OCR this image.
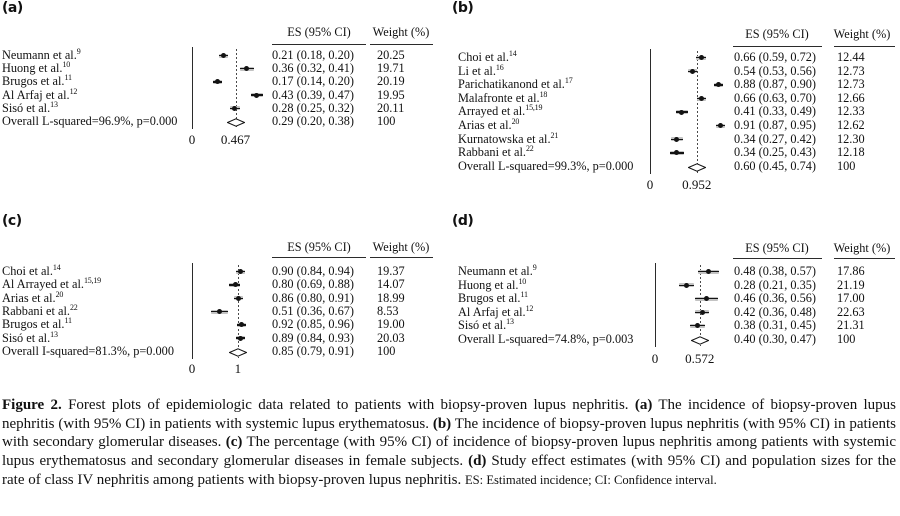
(a)
ES (95% CI)	Weight (%)
Neumann et al.$^9$	0.21 (0.18, 0.20) 20.25
Huong et al.$^{10}$	0.36 (0.32, 0.41) 19.71
Brugos et al.$^{11}$	0.17 (0.14, 0.20) 20.19
Al Arfaj et al.$^{12}$	0.43 (0.39, 0.47) 19.95
Sisó et al.$^{13}$	0.28 (0.25, 0.32) 20.11
Overall L-squared=96.9%, p=0.000	0.29 (0.20, 0.38) 100
0	0.467
(b)
ES (95% CI)	Weight (%)
Choi et al.$^{14}$	0.66 (0.59, 0.72) 12.44
Li et al.$^{16}$	0.54 (0.53, 0.56) 12.73
Parichatikanond et al.$^{17}$	0.88 (0.87, 0.90) 12.73
Malafronte et al.$^{18}$	0.66 (0.63, 0.70) 12.66
Arrayed et al.$^{15,19}$	0.41 (0.33, 0.49) 12.33
Arias et al.$^{20}$	0.91 (0.87, 0.95) 12.62
Kurnatowska et al.$^{21}$	0.34 (0.27, 0.42) 12.30
Rabbani et al.$^{22}$	0.34 (0.25, 0.43) 12.18
Overall L-squared=99.3%, p=0.000	0.60 (0.45, 0.74) 100
0	0.952
(c)
ES (95% CI)	Weight (%)
Choi et al.$^{14}$	0.90 (0.84, 0.94) 19.37
Al Arrayed et al.$^{15,19}$	0.80 (0.69, 0.88) 14.07
Arias et al.$^{20}$	0.86 (0.80, 0.91) 18.99
Rabbani et al.$^{22}$	0.51 (0.36, 0.67) 8.53
Brugos et al.$^{11}$	0.92 (0.85, 0.96) 19.00
Sisó et al.$^{13}$	0.89 (0.84, 0.93) 20.03
Overall I-squared=81.3%, p=0.000	0.85 (0.79, 0.91) 100
0	1
(d)
ES (95% CI)	Weight (%)
Neumann et al.$^9$	0.48 (0.38, 0.57) 17.86
Huong et al.$^{10}$	0.28 (0.21, 0.35) 21.19
Brugos et al.$^{11}$	0.46 (0.36, 0.56) 17.00
Al Arfaj et al.$^{12}$	0.42 (0.36, 0.48) 22.63
Sisó et al.$^{13}$	0.38 (0.31, 0.45) 21.31
Overall L-squared=74.8%, p=0.003	0.40 (0.30, 0.47) 100
0	0.572

Figure 2. Forest plots of epidemiologic data related to patients with biopsy-proven lupus nephritis. (a) The incidence of biopsy-proven lupus nephritis (with 95% CI) in patients with systemic lupus erythematosus. (b) The incidence of biopsy-proven lupus nephritis (with 95% CI) in patients with secondary glomerular diseases. (c) The percentage (with 95% CI) of incidence of biopsy-proven lupus nephritis among patients with systemic lupus erythematosus and secondary glomerular diseases in female subjects. (d) Study effect estimates (with 95% CI) and population sizes for the rate of class IV nephritis among patients with biopsy-proven lupus nephritis. ES: Estimated incidence; CI: Confidence interval.
